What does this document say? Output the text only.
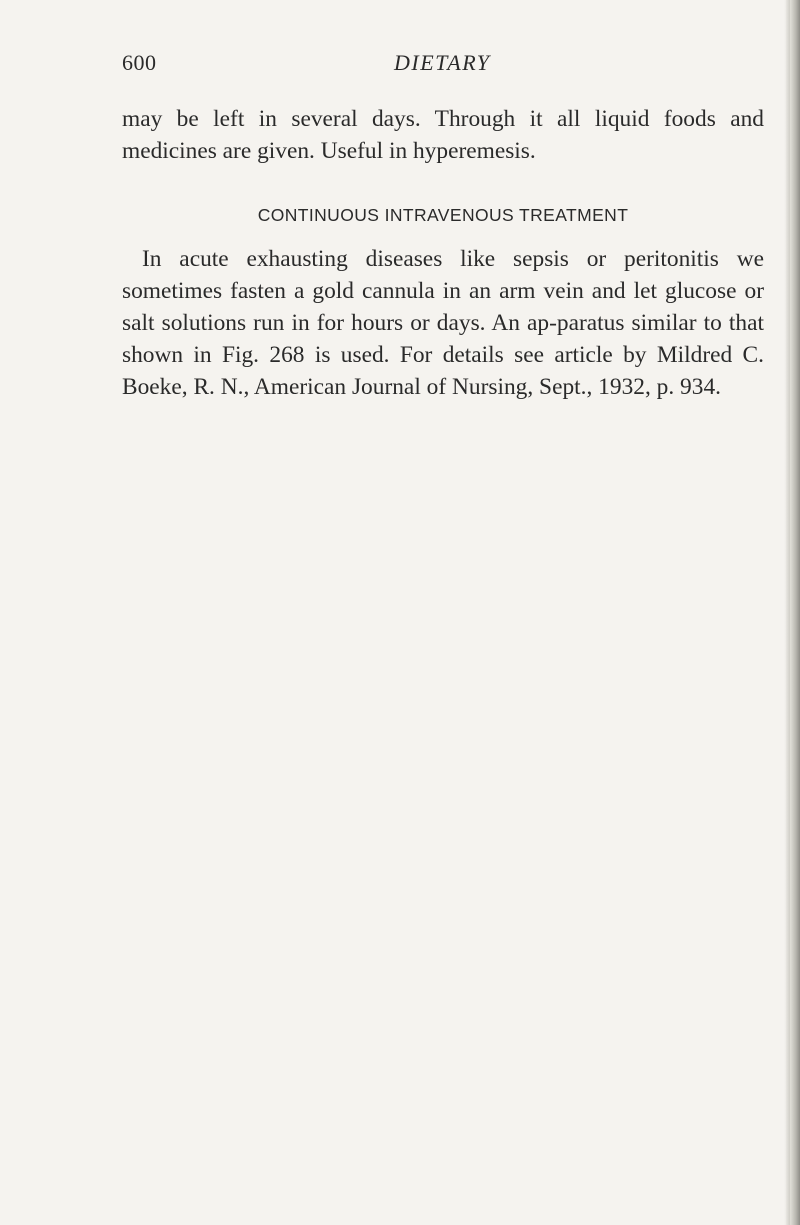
600	DIETARY

may be left in several days. Through it all liquid foods and medicines are given. Useful in hyperemesis.

CONTINUOUS INTRAVENOUS TREATMENT

In acute exhausting diseases like sepsis or peritonitis we sometimes fasten a gold cannula in an arm vein and let glucose or salt solutions run in for hours or days. An ap-paratus similar to that shown in Fig. 268 is used. For details see article by Mildred C. Boeke, R. N., American Journal of Nursing, Sept., 1932, p. 934.
